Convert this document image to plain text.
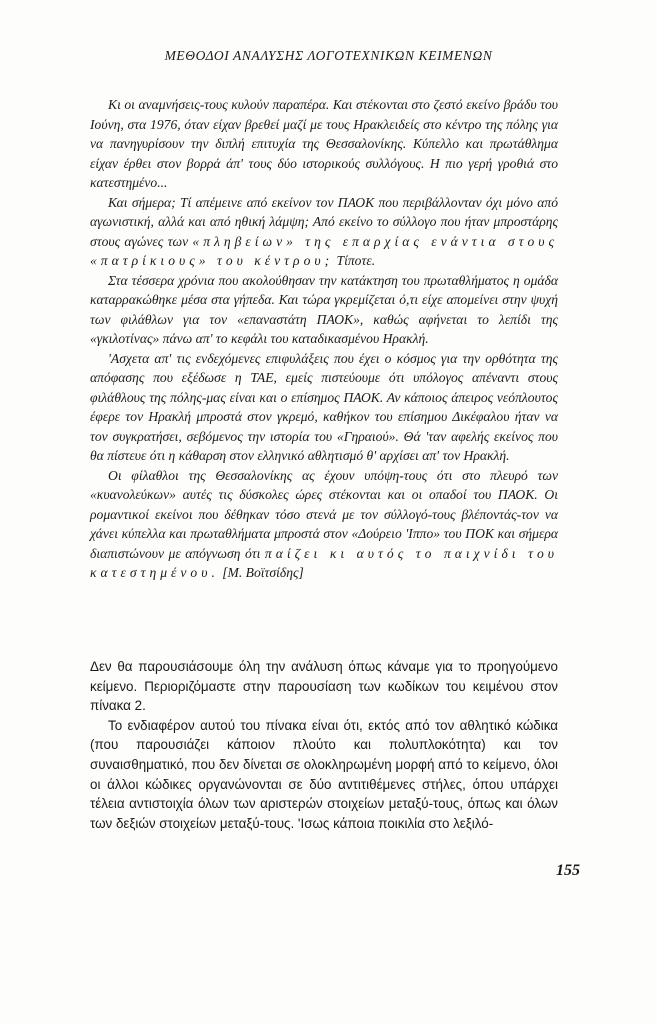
ΜΕΘΟΔΟΙ ΑΝΑΛΥΣΗΣ ΛΟΓΟΤΕΧΝΙΚΩΝ ΚΕΙΜΕΝΩΝ

Κι οι αναμνήσεις-τους κυλούν παραπέρα. Και στέκονται στο ζεστό εκείνο βράδυ του Ιούνη, στα 1976, όταν είχαν βρεθεί μαζί με τους Ηρακλειδείς στο κέντρο της πόλης για να πανηγυρίσουν την διπλή επιτυχία της Θεσσαλονίκης. Κύπελλο και πρωτάθλημα είχαν έρθει στον βορρά άπ' τους δύο ιστορικούς συλλόγους. Η πιο γερή γροθιά στο κατεστημένο...

Και σήμερα; Τί απέμεινε από εκείνον τον ΠΑΟΚ που περιβάλλονταν όχι μόνο από αγωνιστική, αλλά και από ηθική λάμψη; Από εκείνο το σύλλογο που ήταν μπροστάρης στους αγώνες των «πληβείων» της επαρχίας ενάντια στους «πατρίκιους» του κέντρου; Τίποτε.

Στα τέσσερα χρόνια που ακολούθησαν την κατάκτηση του πρωταθλήματος η ομάδα καταρρακώθηκε μέσα στα γήπεδα. Και τώρα γκρεμίζεται ό,τι είχε απομείνει στην ψυχή των φιλάθλων για τον «επαναστάτη ΠΑΟΚ», καθώς αφήνεται το λεπίδι της «γκιλοτίνας» πάνω απ' το κεφάλι του καταδικασμένου Ηρακλή.

'Ασχετα απ' τις ενδεχόμενες επιφυλάξεις που έχει ο κόσμος για την ορθότητα της απόφασης που εξέδωσε η ΤΑΕ, εμείς πιστεύουμε ότι υπόλογος απέναντι στους φιλάθλους της πόλης-μας είναι και ο επίσημος ΠΑΟΚ. Αν κάποιος άπειρος νεόπλουτος έφερε τον Ηρακλή μπροστά στον γκρεμό, καθήκον του επίσημου Δικέφαλου ήταν να τον συγκρατήσει, σεβόμενος την ιστορία του «Γηραιού». Θά 'ταν αφελής εκείνος που θα πίστευε ότι η κάθαρση στον ελληνικό αθλητισμό θ' αρχίσει απ' τον Ηρακλή.

Οι φίλαθλοι της Θεσσαλονίκης ας έχουν υπόψη-τους ότι στο πλευρό των «κυανολεύκων» αυτές τις δύσκολες ώρες στέκονται και οι οπαδοί του ΠΑΟΚ. Οι ρομαντικοί εκείνοι που δέθηκαν τόσο στενά με τον σύλλογό-τους βλέποντάς-τον να χάνει κύπελλα και πρωταθλήματα μπροστά στον «Δούρειο 'Ιππο» του ΠΟΚ και σήμερα διαπιστώνουν με απόγνωση ότι παίζει κι αυτός το παιχνίδι του κατεστημένου. [Μ. Βοϊτσίδης]

Δεν θα παρουσιάσουμε όλη την ανάλυση όπως κάναμε για το προηγούμενο κείμενο. Περιοριζόμαστε στην παρουσίαση των κωδίκων του κειμένου στον πίνακα 2.

Το ενδιαφέρον αυτού του πίνακα είναι ότι, εκτός από τον αθλητικό κώδικα (που παρουσιάζει κάποιον πλούτο και πολυπλοκότητα) και τον συναισθηματικό, που δεν δίνεται σε ολοκληρωμένη μορφή από το κείμενο, όλοι οι άλλοι κώδικες οργανώνονται σε δύο αντιτιθέμενες στήλες, όπου υπάρχει τέλεια αντιστοιχία όλων των αριστερών στοιχείων μεταξύ-τους, όπως και όλων των δεξιών στοιχείων μεταξύ-τους. 'Ισως κάποια ποικιλία στο λεξιλό-

155
